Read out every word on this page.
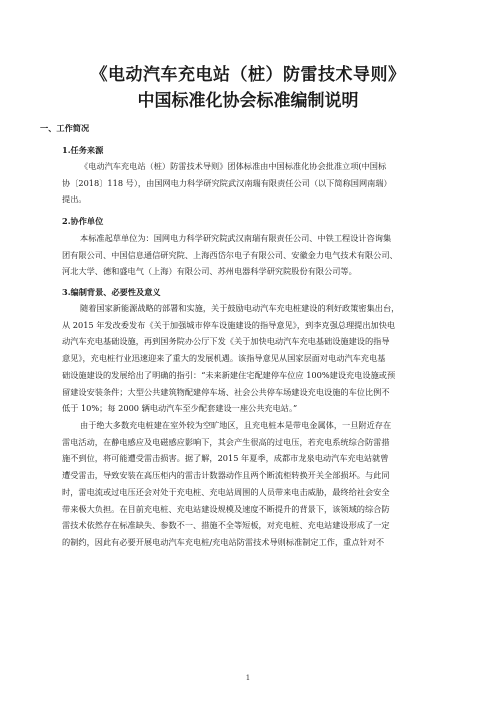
《电动汽车充电站（桩）防雷技术导则》
中国标准化协会标准编制说明
一、工作简况
1.任务来源
《电动汽车充电站（桩）防雷技术导则》团体标准由中国标准化协会批准立项(中国标
协〔2018〕118 号），由国网电力科学研究院武汉南瑞有限责任公司（以下简称国网南瑞）
提出。
2.协作单位
本标准起草单位为：国网电力科学研究院武汉南瑞有限责任公司、中铁工程设计咨询集
团有限公司、中国信息通信研究院、上海西岱尔电子有限公司、安徽金力电气技术有限公司、
河北大学、德和盛电气（上海）有限公司、苏州电器科学研究院股份有限公司等。
3.编制背景、必要性及意义
随着国家新能源战略的部署和实施，关于鼓励电动汽车充电桩建设的利好政策密集出台，
从 2015 年发改委发布《关于加强城市停车设施建设的指导意见》，到李克强总理提出加快电
动汽车充电基础设施，再到国务院办公厅下发《关于加快电动汽车充电基础设施建设的指导
意见》，充电桩行业迅速迎来了重大的发展机遇。该指导意见从国家层面对电动汽车充电基
础设施建设的发展给出了明确的指引：“未来新建住宅配建停车位应 100%建设充电设施或预
留建设安装条件；大型公共建筑物配建停车场、社会公共停车场建设充电设施的车位比例不
低于 10%；每 2000 辆电动汽车至少配套建设一座公共充电站。”
由于绝大多数充电桩建在室外较为空旷地区，且充电桩本是带电金属体，一旦附近存在
雷电活动，在静电感应及电磁感应影响下，其会产生很高的过电压，若充电系统综合防雷措
施不到位，将可能遭受雷击损害。据了解，2015 年夏季，成都市龙泉电动汽车充电站就曾
遭受雷击，导致安装在高压柜内的雷击计数器动作且两个断流柜转换开关全部损坏。与此同
时，雷电流或过电压还会对处于充电桩、充电站周围的人员带来电击威胁，最终给社会安全
带来极大负担。在目前充电桩、充电站建设规模及速度不断提升的背景下，该领域的综合防
雷技术依然存在标准缺失、参数不一、措施不全等短板，对充电桩、充电站建设形成了一定
的制约，因此有必要开展电动汽车充电桩/充电站防雷技术导则标准制定工作，重点针对不
1
